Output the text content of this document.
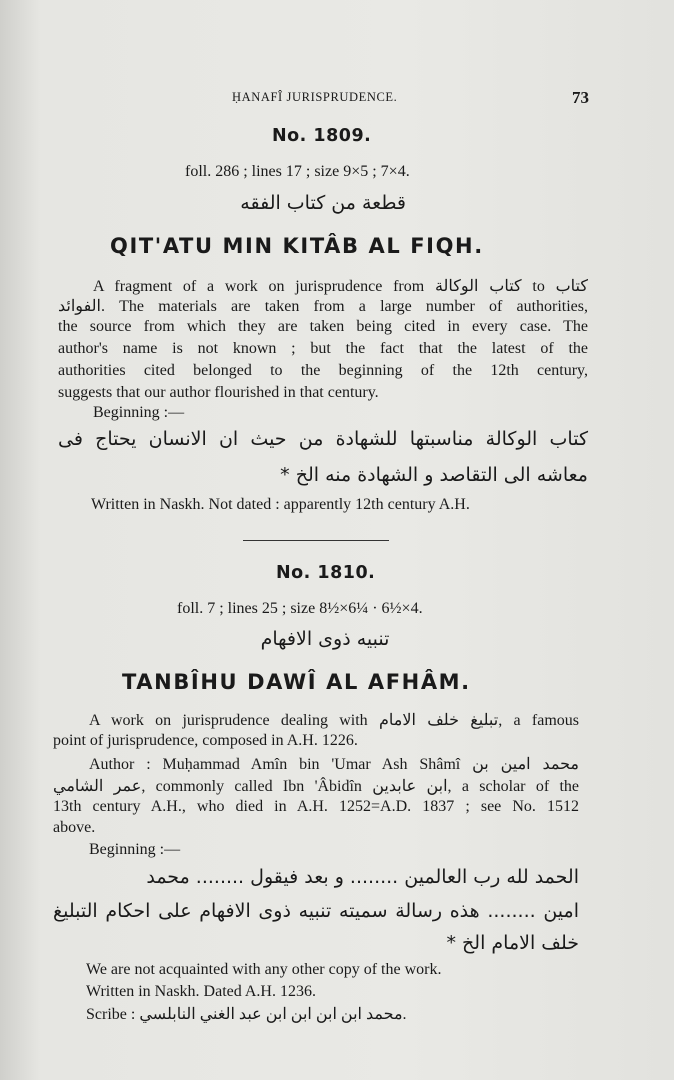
ḤANAFÎ JURISPRUDENCE.	73
No. 1809.
foll. 286 ; lines 17 ; size 9×5 ; 7×4.
قطعة من كتاب الفقه
QIT'ATU MIN KITÂB AL FIQH.
A fragment of a work on jurisprudence from كتاب الوكالة to كتاب
الفوائد. The materials are taken from a large number of authorities,
the source from which they are taken being cited in every case. The
author's name is not known ; but the fact that the latest of the
authorities cited belonged to the beginning of the 12th century,
suggests that our author flourished in that century.
Beginning :—
كتاب الوكالة مناسبتها للشهادة من حيث ان الانسان يحتاج فى
معاشه الى التقاصد و الشهادة منه الخ *
Written in Naskh. Not dated : apparently 12th century A.H.
No. 1810.
foll. 7 ; lines 25 ; size 8½×6¼ · 6½×4.
تنبيه ذوى الافهام
TANBÎHU DAWÎ AL AFHÂM.
A work on jurisprudence dealing with تبليغ خلف الامام, a famous
point of jurisprudence, composed in A.H. 1226.
Author : Muḥammad Amîn bin 'Umar Ash Shâmî محمد امين بن
عمر الشامي, commonly called Ibn 'Âbidîn ابن عابدين, a scholar of the
13th century A.H., who died in A.H. 1252=A.D. 1837 ; see No. 1512
above.
Beginning :—
الحمد لله رب العالمين ........ و بعد فيقول ........ محمد
امين ........ هذه رسالة سميته تنبيه ذوى الافهام على احكام التبليغ
خلف الامام الخ *
We are not acquainted with any other copy of the work.
Written in Naskh. Dated A.H. 1236.
Scribe : محمد ابن ابن ابن ابن عبد الغني النابلسي.
